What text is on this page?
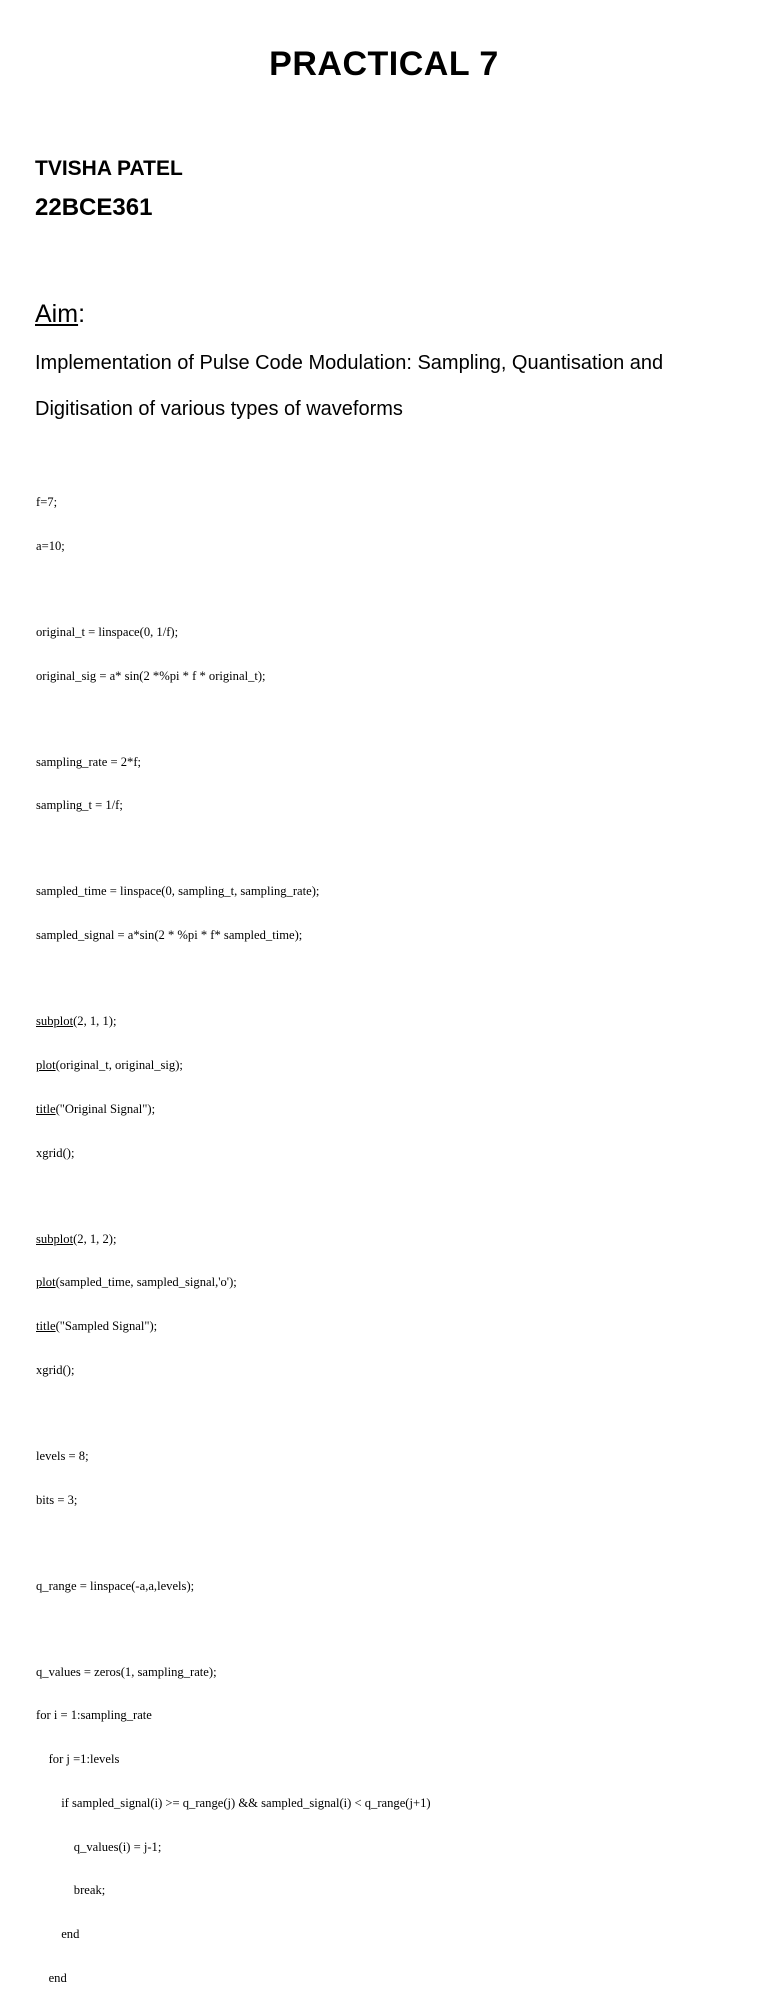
PRACTICAL 7
TVISHA PATEL
22BCE361
Aim:
Implementation of Pulse Code Modulation: Sampling, Quantisation and
Digitisation of various types of waveforms

f=7;

a=10;

original_t = linspace(0, 1/f);

original_sig = a* sin(2 *%pi * f * original_t);

sampling_rate = 2*f;

sampling_t = 1/f;

sampled_time = linspace(0, sampling_t, sampling_rate);

sampled_signal = a*sin(2 * %pi * f* sampled_time);

subplot(2, 1, 1);

plot(original_t, original_sig);

title("Original Signal");

xgrid();

subplot(2, 1, 2);

plot(sampled_time, sampled_signal,'o');

title("Sampled Signal");

xgrid();

levels = 8;

bits = 3;

q_range = linspace(-a,a,levels);

q_values = zeros(1, sampling_rate);

for i = 1:sampling_rate

for j =1:levels

if sampled_signal(i) >= q_range(j) && sampled_signal(i) < q_range(j+1)

q_values(i) = j-1;

break;

end

end
